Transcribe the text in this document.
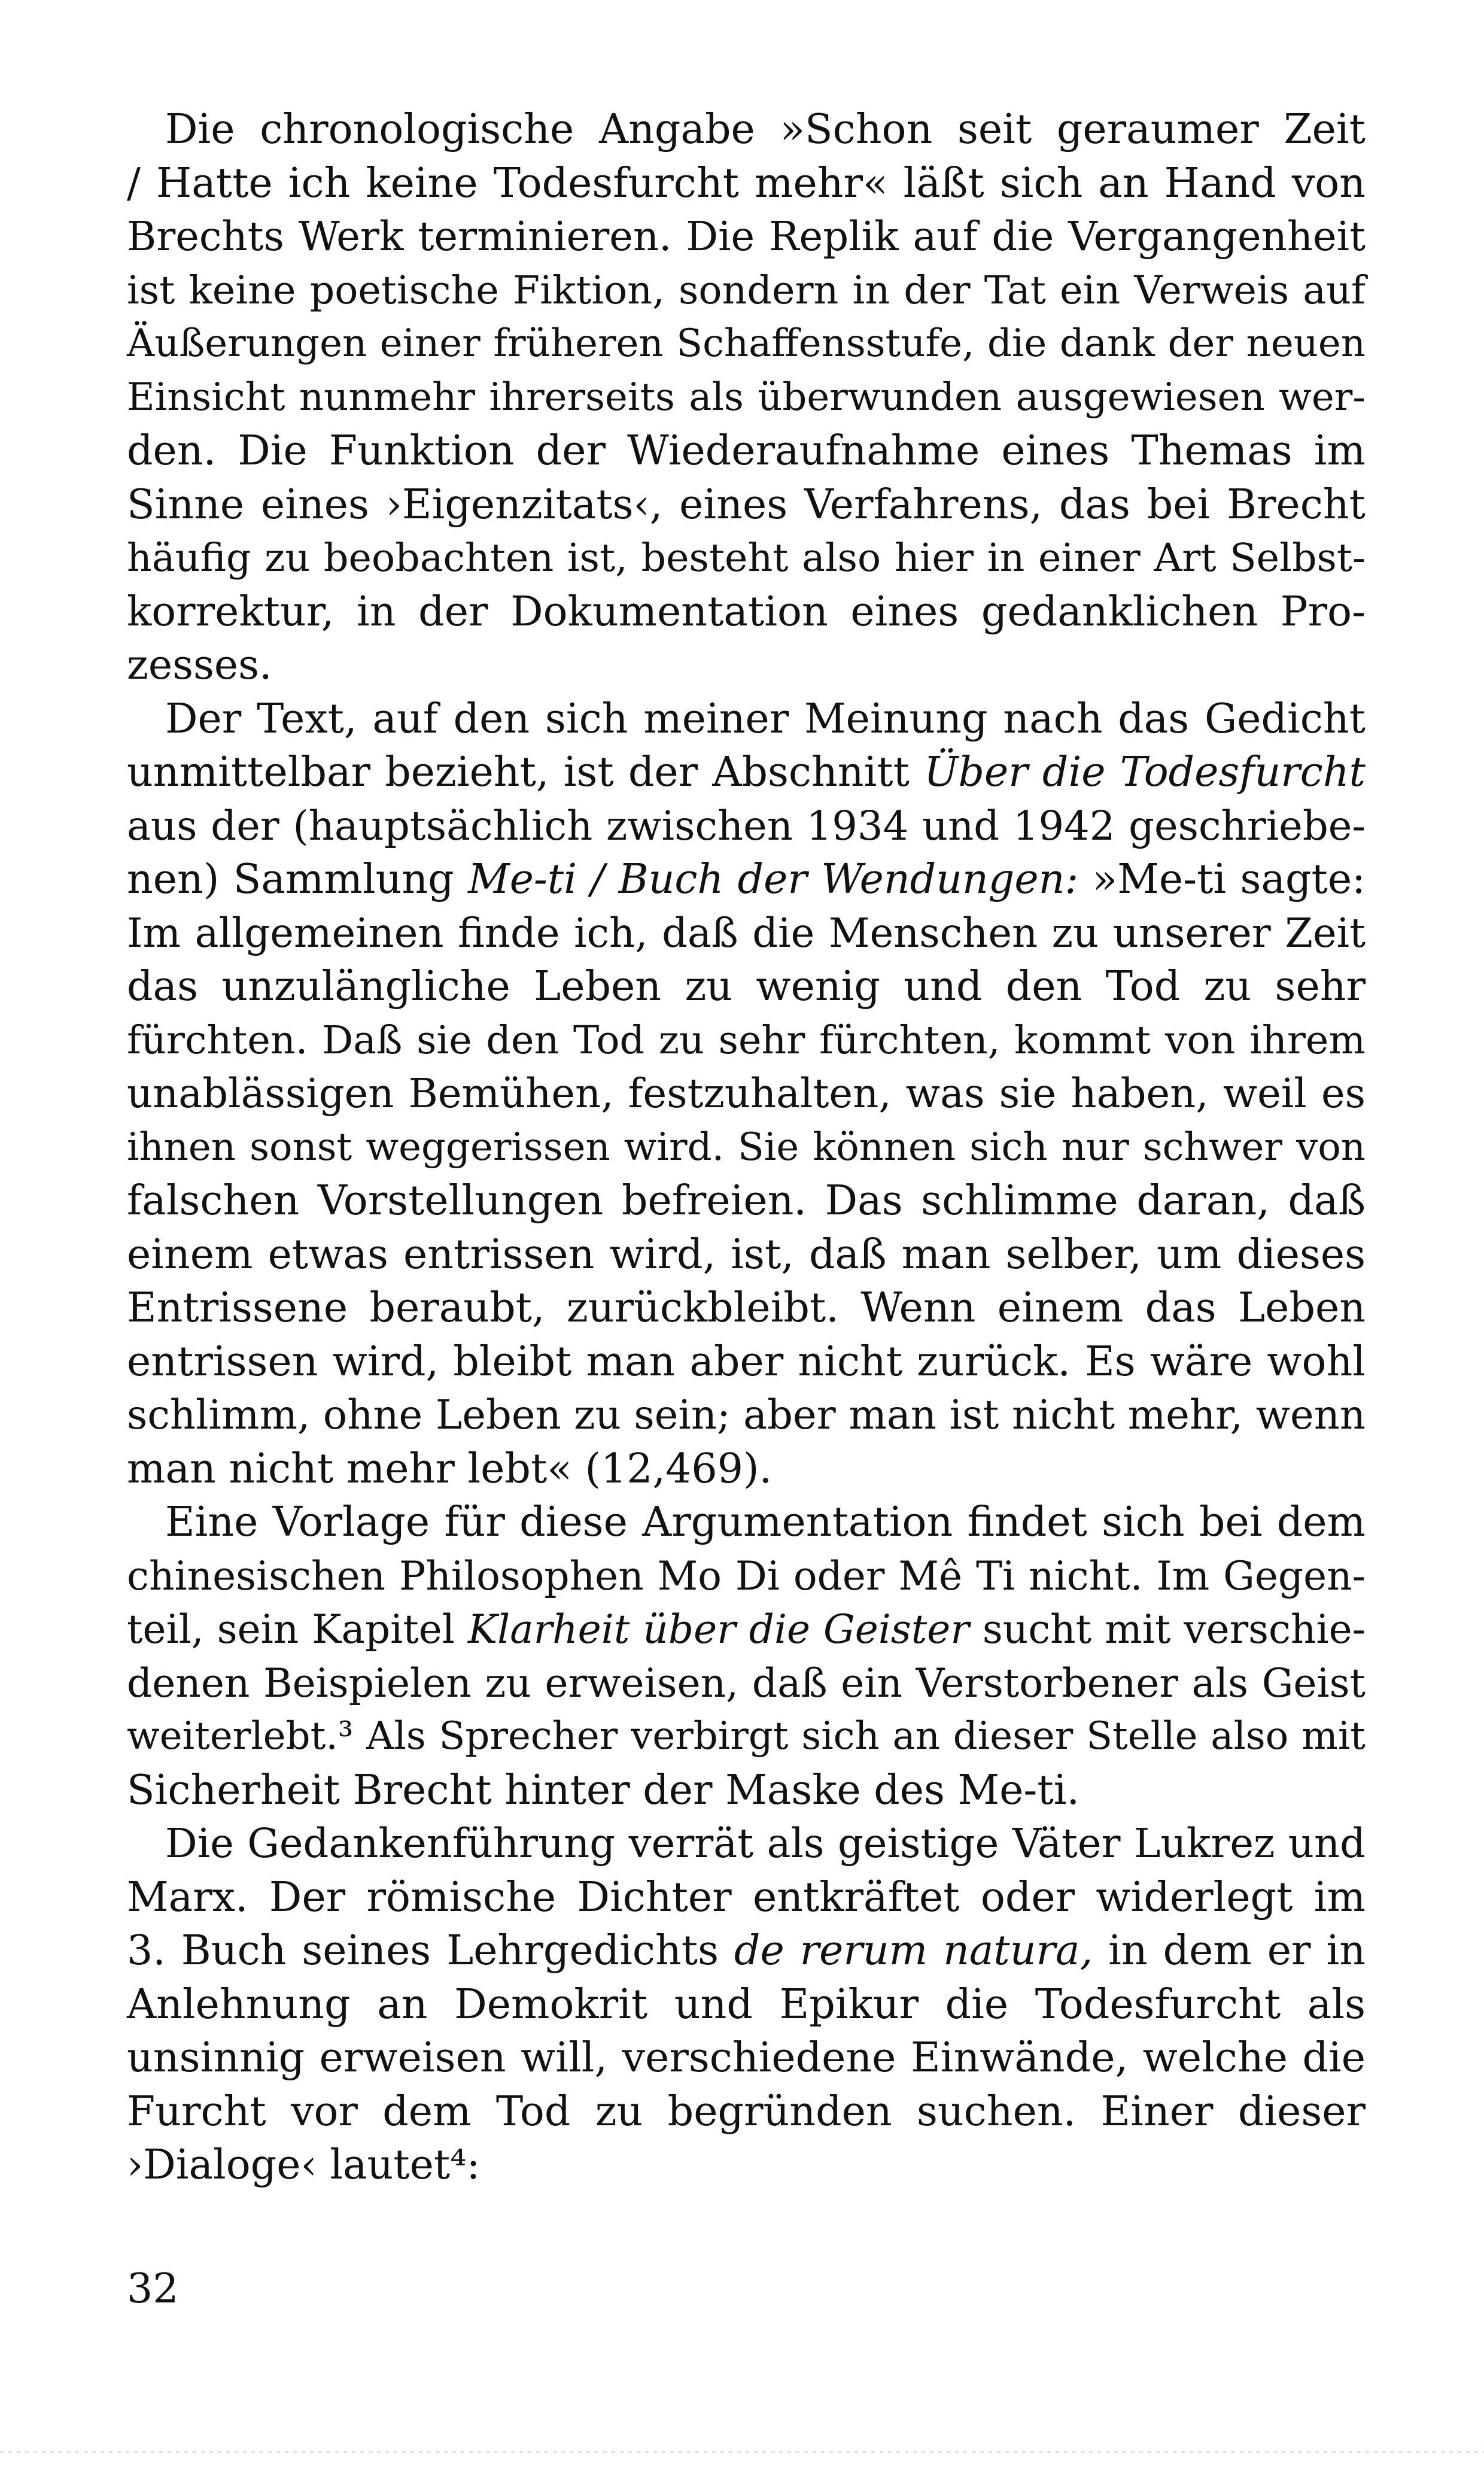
Die chronologische Angabe »Schon seit geraumer Zeit
/ Hatte ich keine Todesfurcht mehr« läßt sich an Hand von
Brechts Werk terminieren. Die Replik auf die Vergangenheit
ist keine poetische Fiktion, sondern in der Tat ein Verweis auf
Äußerungen einer früheren Schaffensstufe, die dank der neuen
Einsicht nunmehr ihrerseits als überwunden ausgewiesen wer-
den. Die Funktion der Wiederaufnahme eines Themas im
Sinne eines ›Eigenzitats‹, eines Verfahrens, das bei Brecht
häufig zu beobachten ist, besteht also hier in einer Art Selbst-
korrektur, in der Dokumentation eines gedanklichen Pro-
zesses.
Der Text, auf den sich meiner Meinung nach das Gedicht
unmittelbar bezieht, ist der Abschnitt Über die Todesfurcht
aus der (hauptsächlich zwischen 1934 und 1942 geschriebe-
nen) Sammlung Me-ti / Buch der Wendungen: »Me-ti sagte:
Im allgemeinen finde ich, daß die Menschen zu unserer Zeit
das unzulängliche Leben zu wenig und den Tod zu sehr
fürchten. Daß sie den Tod zu sehr fürchten, kommt von ihrem
unablässigen Bemühen, festzuhalten, was sie haben, weil es
ihnen sonst weggerissen wird. Sie können sich nur schwer von
falschen Vorstellungen befreien. Das schlimme daran, daß
einem etwas entrissen wird, ist, daß man selber, um dieses
Entrissene beraubt, zurückbleibt. Wenn einem das Leben
entrissen wird, bleibt man aber nicht zurück. Es wäre wohl
schlimm, ohne Leben zu sein; aber man ist nicht mehr, wenn
man nicht mehr lebt« (12,469).
Eine Vorlage für diese Argumentation findet sich bei dem
chinesischen Philosophen Mo Di oder Mê Ti nicht. Im Gegen-
teil, sein Kapitel Klarheit über die Geister sucht mit verschie-
denen Beispielen zu erweisen, daß ein Verstorbener als Geist
weiterlebt.³ Als Sprecher verbirgt sich an dieser Stelle also mit
Sicherheit Brecht hinter der Maske des Me-ti.
Die Gedankenführung verrät als geistige Väter Lukrez und
Marx. Der römische Dichter entkräftet oder widerlegt im
3. Buch seines Lehrgedichts de rerum natura, in dem er in
Anlehnung an Demokrit und Epikur die Todesfurcht als
unsinnig erweisen will, verschiedene Einwände, welche die
Furcht vor dem Tod zu begründen suchen. Einer dieser
›Dialoge‹ lautet⁴:
32
